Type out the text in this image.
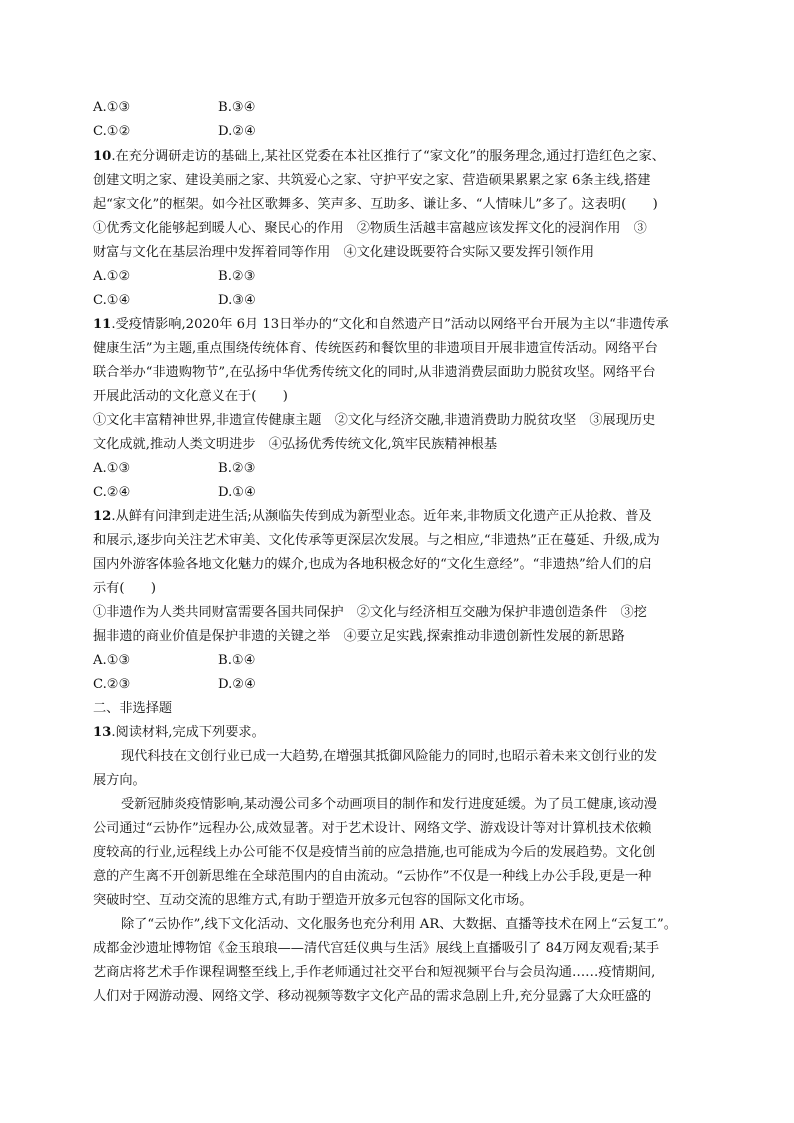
A.①③	B.③④
C.①②	D.②④
10.在充分调研走访的基础上,某社区党委在本社区推行了“家文化”的服务理念,通过打造红色之家、
创建文明之家、建设美丽之家、共筑爱心之家、守护平安之家、营造硕果累累之家 6条主线,搭建
起“家文化”的框架。如今社区歌舞多、笑声多、互助多、谦让多、“人情味儿”多了。这表明(　　)
①优秀文化能够起到暖人心、聚民心的作用　②物质生活越丰富越应该发挥文化的浸润作用　③
财富与文化在基层治理中发挥着同等作用　④文化建设既要符合实际又要发挥引领作用
A.①②	B.②③
C.①④	D.③④
11.受疫情影响,2020年 6月 13日举办的“文化和自然遗产日”活动以网络平台开展为主以“非遗传承
健康生活”为主题,重点围绕传统体育、传统医药和餐饮里的非遗项目开展非遗宣传活动。网络平台
联合举办“非遗购物节”,在弘扬中华优秀传统文化的同时,从非遗消费层面助力脱贫攻坚。网络平台
开展此活动的文化意义在于(　　)
①文化丰富精神世界,非遗宣传健康主题　②文化与经济交融,非遗消费助力脱贫攻坚　③展现历史
文化成就,推动人类文明进步　④弘扬优秀传统文化,筑牢民族精神根基
A.①③	B.②③
C.②④	D.①④
12.从鲜有问津到走进生活;从濒临失传到成为新型业态。近年来,非物质文化遗产正从抢救、普及
和展示,逐步向关注艺术审美、文化传承等更深层次发展。与之相应,“非遗热”正在蔓延、升级,成为
国内外游客体验各地文化魅力的媒介,也成为各地积极念好的“文化生意经”。“非遗热”给人们的启
示有(　　)
①非遗作为人类共同财富需要各国共同保护　②文化与经济相互交融为保护非遗创造条件　③挖
掘非遗的商业价值是保护非遗的关键之举　④要立足实践,探索推动非遗创新性发展的新思路
A.①③	B.①④
C.②③	D.②④
二、非选择题
13.阅读材料,完成下列要求。
现代科技在文创行业已成一大趋势,在增强其抵御风险能力的同时,也昭示着未来文创行业的发
展方向。
受新冠肺炎疫情影响,某动漫公司多个动画项目的制作和发行进度延缓。为了员工健康,该动漫
公司通过“云协作”远程办公,成效显著。对于艺术设计、网络文学、游戏设计等对计算机技术依赖
度较高的行业,远程线上办公可能不仅是疫情当前的应急措施,也可能成为今后的发展趋势。文化创
意的产生离不开创新思维在全球范围内的自由流动。“云协作”不仅是一种线上办公手段,更是一种
突破时空、互动交流的思维方式,有助于塑造开放多元包容的国际文化市场。
除了“云协作”,线下文化活动、文化服务也充分利用 AR、大数据、直播等技术在网上“云复工”。
成都金沙遗址博物馆《金玉琅琅——清代宫廷仪典与生活》展线上直播吸引了 84万网友观看;某手
艺商店将艺术手作课程调整至线上,手作老师通过社交平台和短视频平台与会员沟通……疫情期间,
人们对于网游动漫、网络文学、移动视频等数字文化产品的需求急剧上升,充分显露了大众旺盛的
